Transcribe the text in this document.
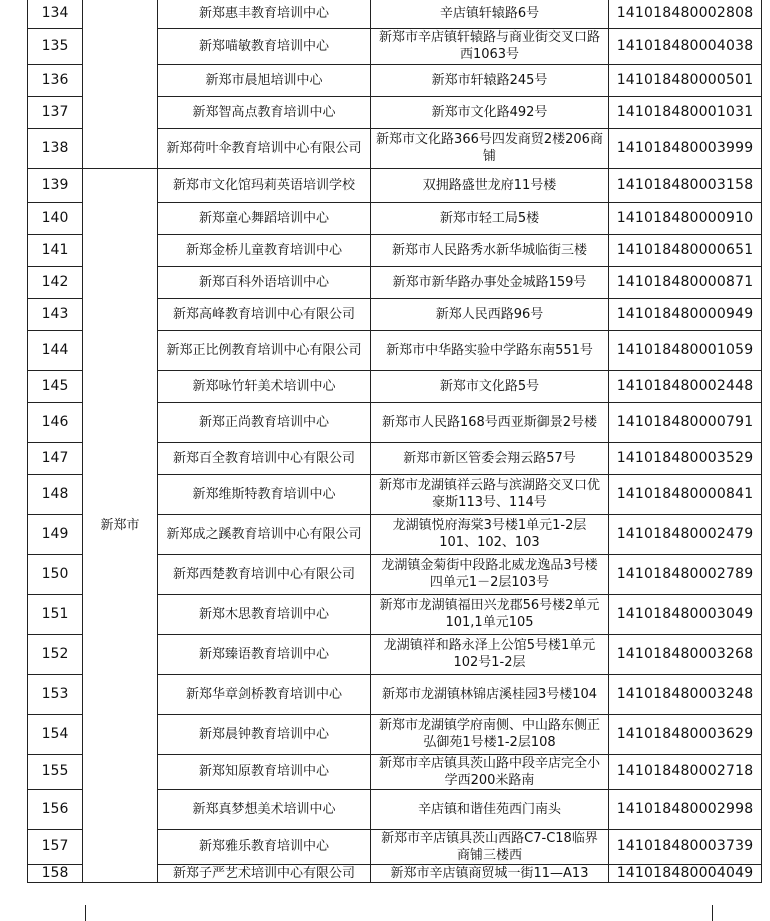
134		新郑惠丰教育培训中心	辛店镇轩辕路6号	141018480002808
135		新郑喵敏教育培训中心	新郑市辛店镇轩辕路与商业街交叉口路西1063号	141018480004038
136		新郑市晨旭培训中心	新郑市轩辕路245号	141018480000501
137		新郑智高点教育培训中心	新郑市文化路492号	141018480001031
138		新郑荷叶伞教育培训中心有限公司	新郑市文化路366号四发商贸2楼206商铺	141018480003999
139	新郑市	新郑市文化馆玛莉英语培训学校	双拥路盛世龙府11号楼	141018480003158
140		新郑童心舞蹈培训中心	新郑市轻工局5楼	141018480000910
141		新郑金桥儿童教育培训中心	新郑市人民路秀水新华城临街三楼	141018480000651
142		新郑百科外语培训中心	新郑市新华路办事处金城路159号	141018480000871
143		新郑高峰教育培训中心有限公司	新郑人民西路96号	141018480000949
144		新郑正比例教育培训中心有限公司	新郑市中华路实验中学路东南551号	141018480001059
145		新郑咏竹轩美术培训中心	新郑市文化路5号	141018480002448
146		新郑正尚教育培训中心	新郑市人民路168号西亚斯御景2号楼	141018480000791
147		新郑百全教育培训中心有限公司	新郑市新区管委会翔云路57号	141018480003529
148		新郑维斯特教育培训中心	新郑市龙湖镇祥云路与滨湖路交叉口优豪斯113号、114号	141018480000841
149		新郑成之蹊教育培训中心有限公司	龙湖镇悦府海棠3号楼1单元1-2层101、102、103	141018480002479
150		新郑西楚教育培训中心有限公司	龙湖镇金菊街中段路北威龙逸品3号楼四单元1－2层103号	141018480002789
151		新郑木思教育培训中心	新郑市龙湖镇福田兴龙郡56号楼2单元101,1单元105	141018480003049
152		新郑臻语教育培训中心	龙湖镇祥和路永泽上公馆5号楼1单元102号1-2层	141018480003268
153		新郑华章剑桥教育培训中心	新郑市龙湖镇林锦店溪桂园3号楼104	141018480003248
154		新郑晨钟教育培训中心	新郑市龙湖镇学府南侧、中山路东侧正弘御苑1号楼1-2层108	141018480003629
155		新郑知原教育培训中心	新郑市辛店镇具茨山路中段辛店完全小学西200米路南	141018480002718
156		新郑真梦想美术培训中心	辛店镇和谐佳苑西门南头	141018480002998
157		新郑雅乐教育培训中心	新郑市辛店镇具茨山西路C7-C18临界商铺三楼西	141018480003739
158		新郑子严艺术培训中心有限公司	新郑市辛店镇商贸城一街11—A13	141018480004049
